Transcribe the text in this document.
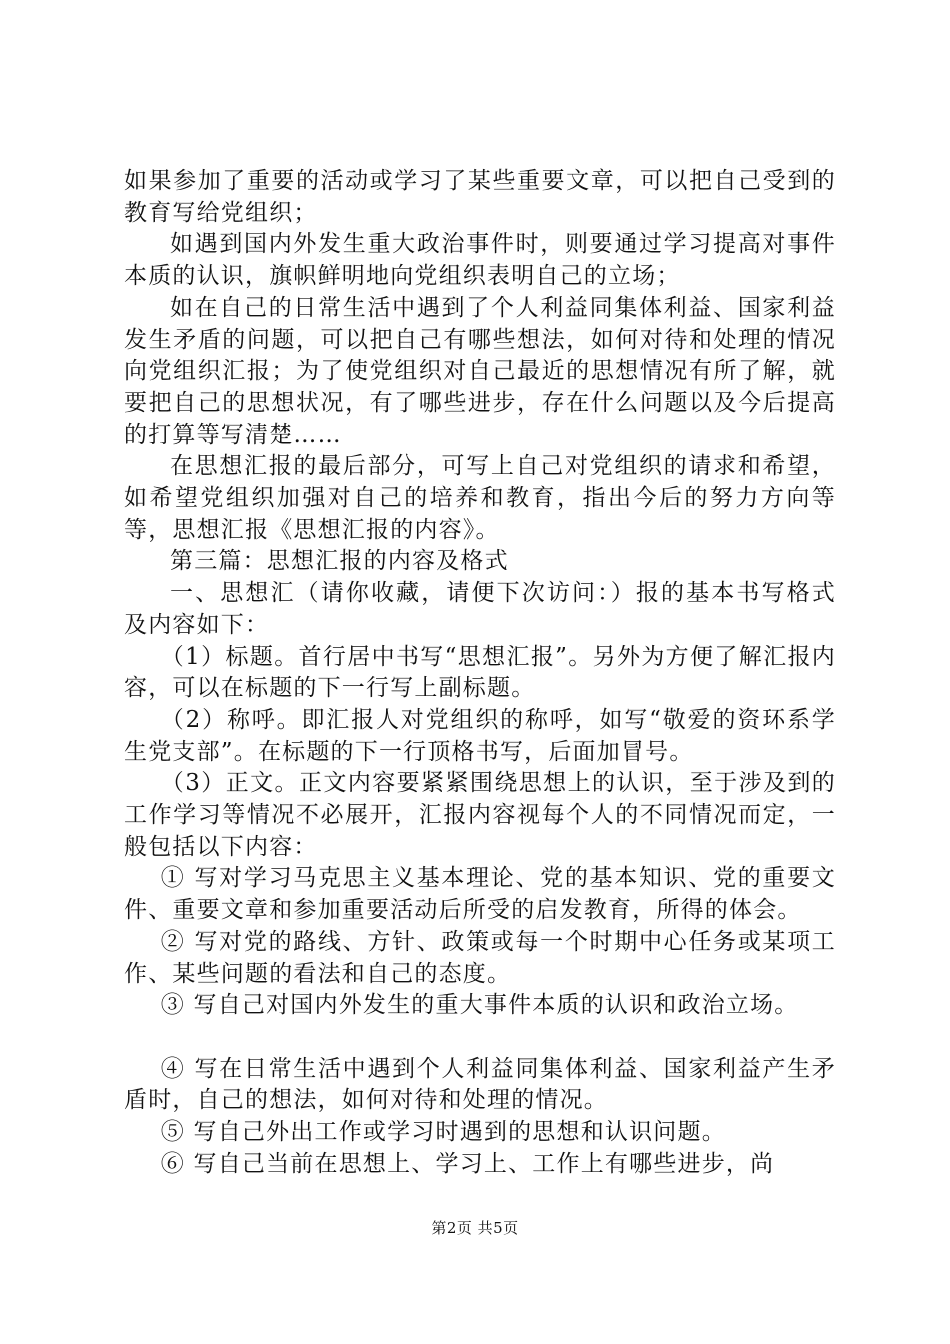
如果参加了重要的活动或学习了某些重要文章，可以把自己受到的教育写给党组织；

如遇到国内外发生重大政治事件时，则要通过学习提高对事件本质的认识，旗帜鲜明地向党组织表明自己的立场；

如在自己的日常生活中遇到了个人利益同集体利益、国家利益发生矛盾的问题，可以把自己有哪些想法，如何对待和处理的情况向党组织汇报；为了使党组织对自己最近的思想情况有所了解，就要把自己的思想状况，有了哪些进步，存在什么问题以及今后提高的打算等写清楚……

在思想汇报的最后部分，可写上自己对党组织的请求和希望，如希望党组织加强对自己的培养和教育，指出今后的努力方向等等，思想汇报《思想汇报的内容》。

第三篇：思想汇报的内容及格式

一、思想汇（请你收藏，请便下次访问：）报的基本书写格式及内容如下：

（1）标题。首行居中书写“思想汇报”。另外为方便了解汇报内容，可以在标题的下一行写上副标题。

（2）称呼。即汇报人对党组织的称呼，如写“敬爱的资环系学生党支部”。在标题的下一行顶格书写，后面加冒号。

（3）正文。正文内容要紧紧围绕思想上的认识，至于涉及到的工作学习等情况不必展开，汇报内容视每个人的不同情况而定，一般包括以下内容：

① 写对学习马克思主义基本理论、党的基本知识、党的重要文件、重要文章和参加重要活动后所受的启发教育，所得的体会。

② 写对党的路线、方针、政策或每一个时期中心任务或某项工作、某些问题的看法和自己的态度。

③ 写自己对国内外发生的重大事件本质的认识和政治立场。

④ 写在日常生活中遇到个人利益同集体利益、国家利益产生矛盾时，自己的想法，如何对待和处理的情况。

⑤ 写自己外出工作或学习时遇到的思想和认识问题。

⑥ 写自己当前在思想上、学习上、工作上有哪些进步，尚

第2页 共5页
